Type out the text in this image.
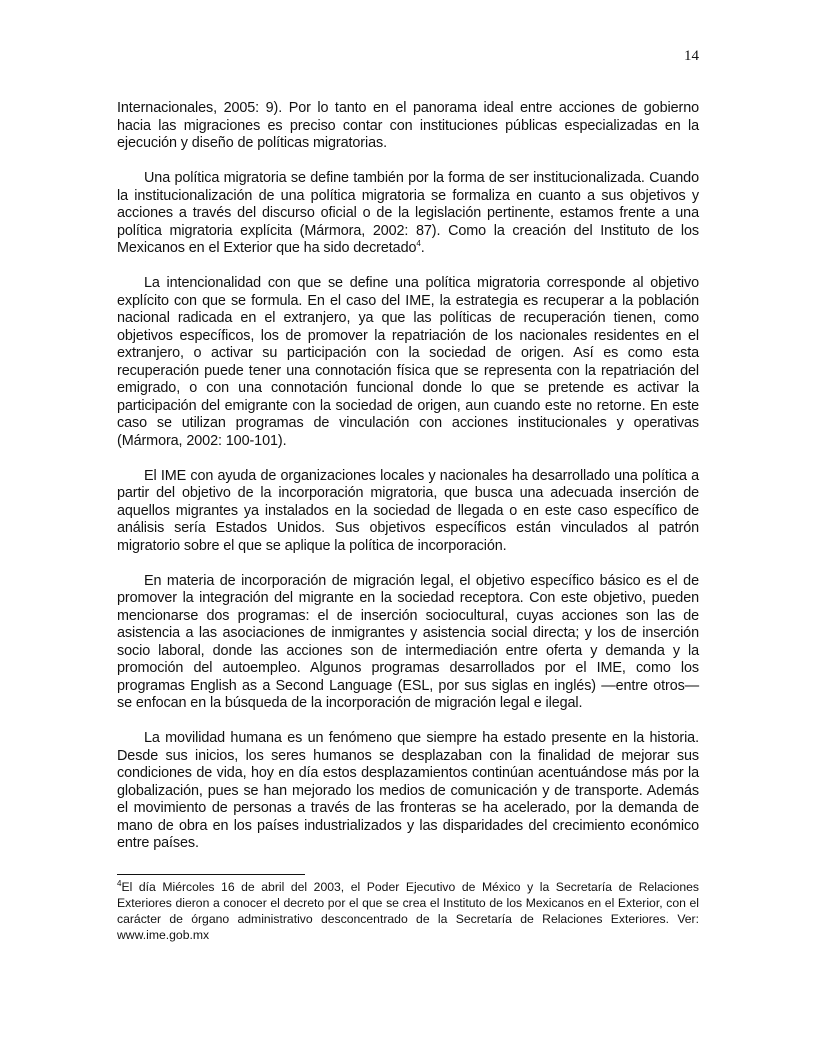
14

Internacionales, 2005: 9). Por lo tanto en el panorama ideal entre acciones de gobierno hacia las migraciones es preciso contar con instituciones públicas especializadas en la ejecución y diseño de políticas migratorias.

Una política migratoria se define también por la forma de ser institucionalizada. Cuando la institucionalización de una política migratoria se formaliza en cuanto a sus objetivos y acciones a través del discurso oficial o de la legislación pertinente, estamos frente a una política migratoria explícita (Mármora, 2002: 87). Como la creación del Instituto de los Mexicanos en el Exterior que ha sido decretado$^4$.

La intencionalidad con que se define una política migratoria corresponde al objetivo explícito con que se formula. En el caso del IME, la estrategia es recuperar a la población nacional radicada en el extranjero, ya que las políticas de recuperación tienen, como objetivos específicos, los de promover la repatriación de los nacionales residentes en el extranjero, o activar su participación con la sociedad de origen. Así es como esta recuperación puede tener una connotación física que se representa con la repatriación del emigrado, o con una connotación funcional donde lo que se pretende es activar la participación del emigrante con la sociedad de origen, aun cuando este no retorne. En este caso se utilizan programas de vinculación con acciones institucionales y operativas (Mármora, 2002: 100-101).

El IME con ayuda de organizaciones locales y nacionales ha desarrollado una política a partir del objetivo de la incorporación migratoria, que busca una adecuada inserción de aquellos migrantes ya instalados en la sociedad de llegada o en este caso específico de análisis sería Estados Unidos. Sus objetivos específicos están vinculados al patrón migratorio sobre el que se aplique la política de incorporación.

En materia de incorporación de migración legal, el objetivo específico básico es el de promover la integración del migrante en la sociedad receptora. Con este objetivo, pueden mencionarse dos programas: el de inserción sociocultural, cuyas acciones son las de asistencia a las asociaciones de inmigrantes y asistencia social directa; y los de inserción socio laboral, donde las acciones son de intermediación entre oferta y demanda y la promoción del autoempleo. Algunos programas desarrollados por el IME, como los programas English as a Second Language (ESL, por sus siglas en inglés) —entre otros— se enfocan en la búsqueda de la incorporación de migración legal e ilegal.

La movilidad humana es un fenómeno que siempre ha estado presente en la historia. Desde sus inicios, los seres humanos se desplazaban con la finalidad de mejorar sus condiciones de vida, hoy en día estos desplazamientos continúan acentuándose más por la globalización, pues se han mejorado los medios de comunicación y de transporte. Además el movimiento de personas a través de las fronteras se ha acelerado, por la demanda de mano de obra en los países industrializados y las disparidades del crecimiento económico entre países.

$^4$El día Miércoles 16 de abril del 2003, el Poder Ejecutivo de México y la Secretaría de Relaciones Exteriores dieron a conocer el decreto por el que se crea el Instituto de los Mexicanos en el Exterior, con el carácter de órgano administrativo desconcentrado de la Secretaría de Relaciones Exteriores. Ver: www.ime.gob.mx
